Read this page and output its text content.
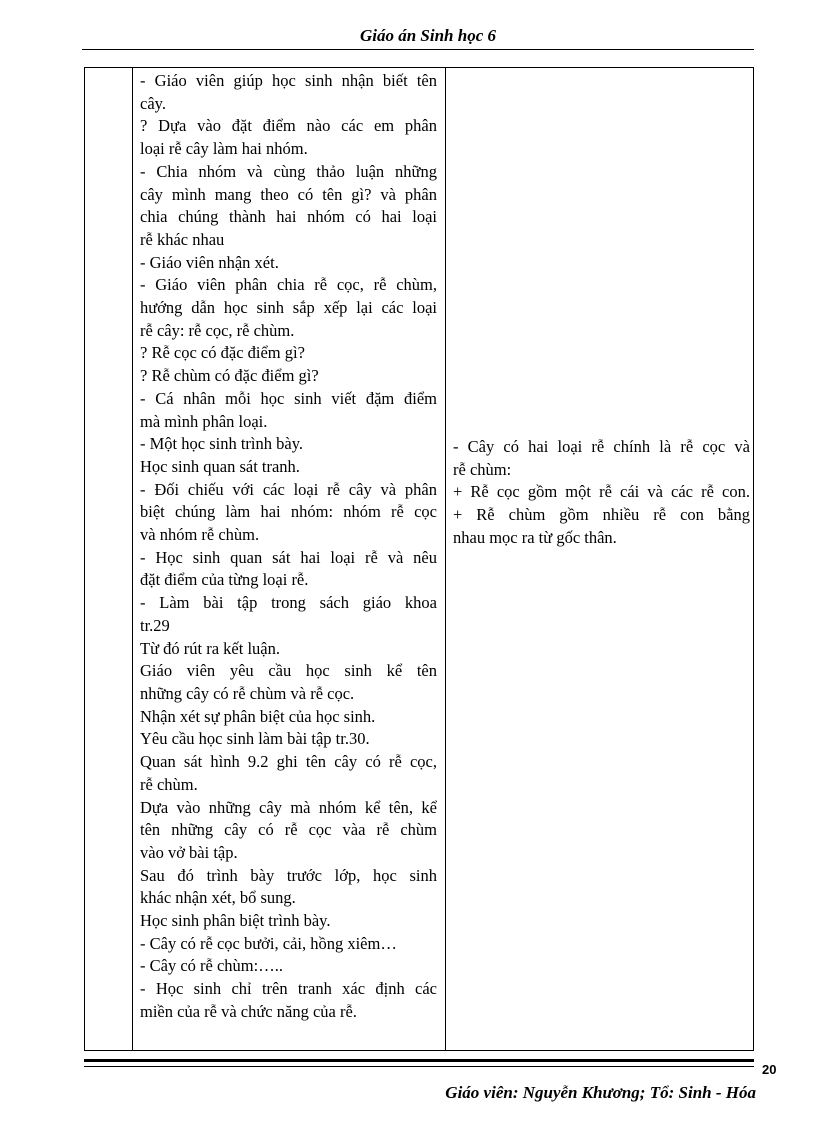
Giáo án Sinh học 6
- Giáo viên giúp học sinh nhận biết tên
cây.
? Dựa vào đặt điểm nào các em phân
loại rễ cây làm hai nhóm.
- Chia nhóm và cùng thảo luận những
cây mình mang theo có tên gì? và phân
chia chúng thành hai nhóm có hai loại
rễ khác nhau
- Giáo viên nhận xét.
- Giáo viên phân chia rễ cọc, rễ chùm,
hướng dẫn học sinh sắp xếp lại các loại
rễ cây: rễ cọc, rễ chùm.
? Rễ cọc có đặc điểm gì?
? Rễ chùm có đặc điểm gì?
- Cá nhân mỗi học sinh viết đặm điểm
mà mình phân loại.
- Một học sinh trình bày.
Học sinh quan sát tranh.
- Đối chiếu với các loại rễ cây và phân
biệt chúng làm hai nhóm: nhóm rễ cọc
và nhóm rễ chùm.
- Học sinh quan sát hai loại rễ và nêu
đặt điểm của từng loại rễ.
- Làm bài tập trong sách giáo khoa
tr.29
Từ đó rút ra kết luận.
Giáo viên yêu cầu học sinh kể tên
những cây có rễ chùm và rễ cọc.
Nhận xét sự phân biệt của học sinh.
Yêu cầu học sinh làm bài tập tr.30.
Quan sát hình 9.2 ghi tên cây có rễ cọc,
rễ chùm.
Dựa vào những cây mà nhóm kể tên, kể
tên những cây có rễ cọc vàa rễ chùm
vào vở bài tập.
Sau đó trình bày trước lớp, học sinh
khác nhận xét, bổ sung.
Học sinh phân biệt trình bày.
- Cây có rễ cọc bưởi, cải, hồng xiêm…
- Cây có rễ chùm:…..
- Học sinh chỉ trên tranh xác định các
miền của rễ và chức năng của rễ.
- Cây có hai loại rễ chính là rễ cọc và
rễ chùm:
+ Rễ cọc gồm một rễ cái và các rễ con.
+ Rễ chùm gồm nhiều rễ con bằng
nhau mọc ra từ gốc thân.
20
Giáo viên: Nguyễn Khương; Tổ: Sinh - Hóa
